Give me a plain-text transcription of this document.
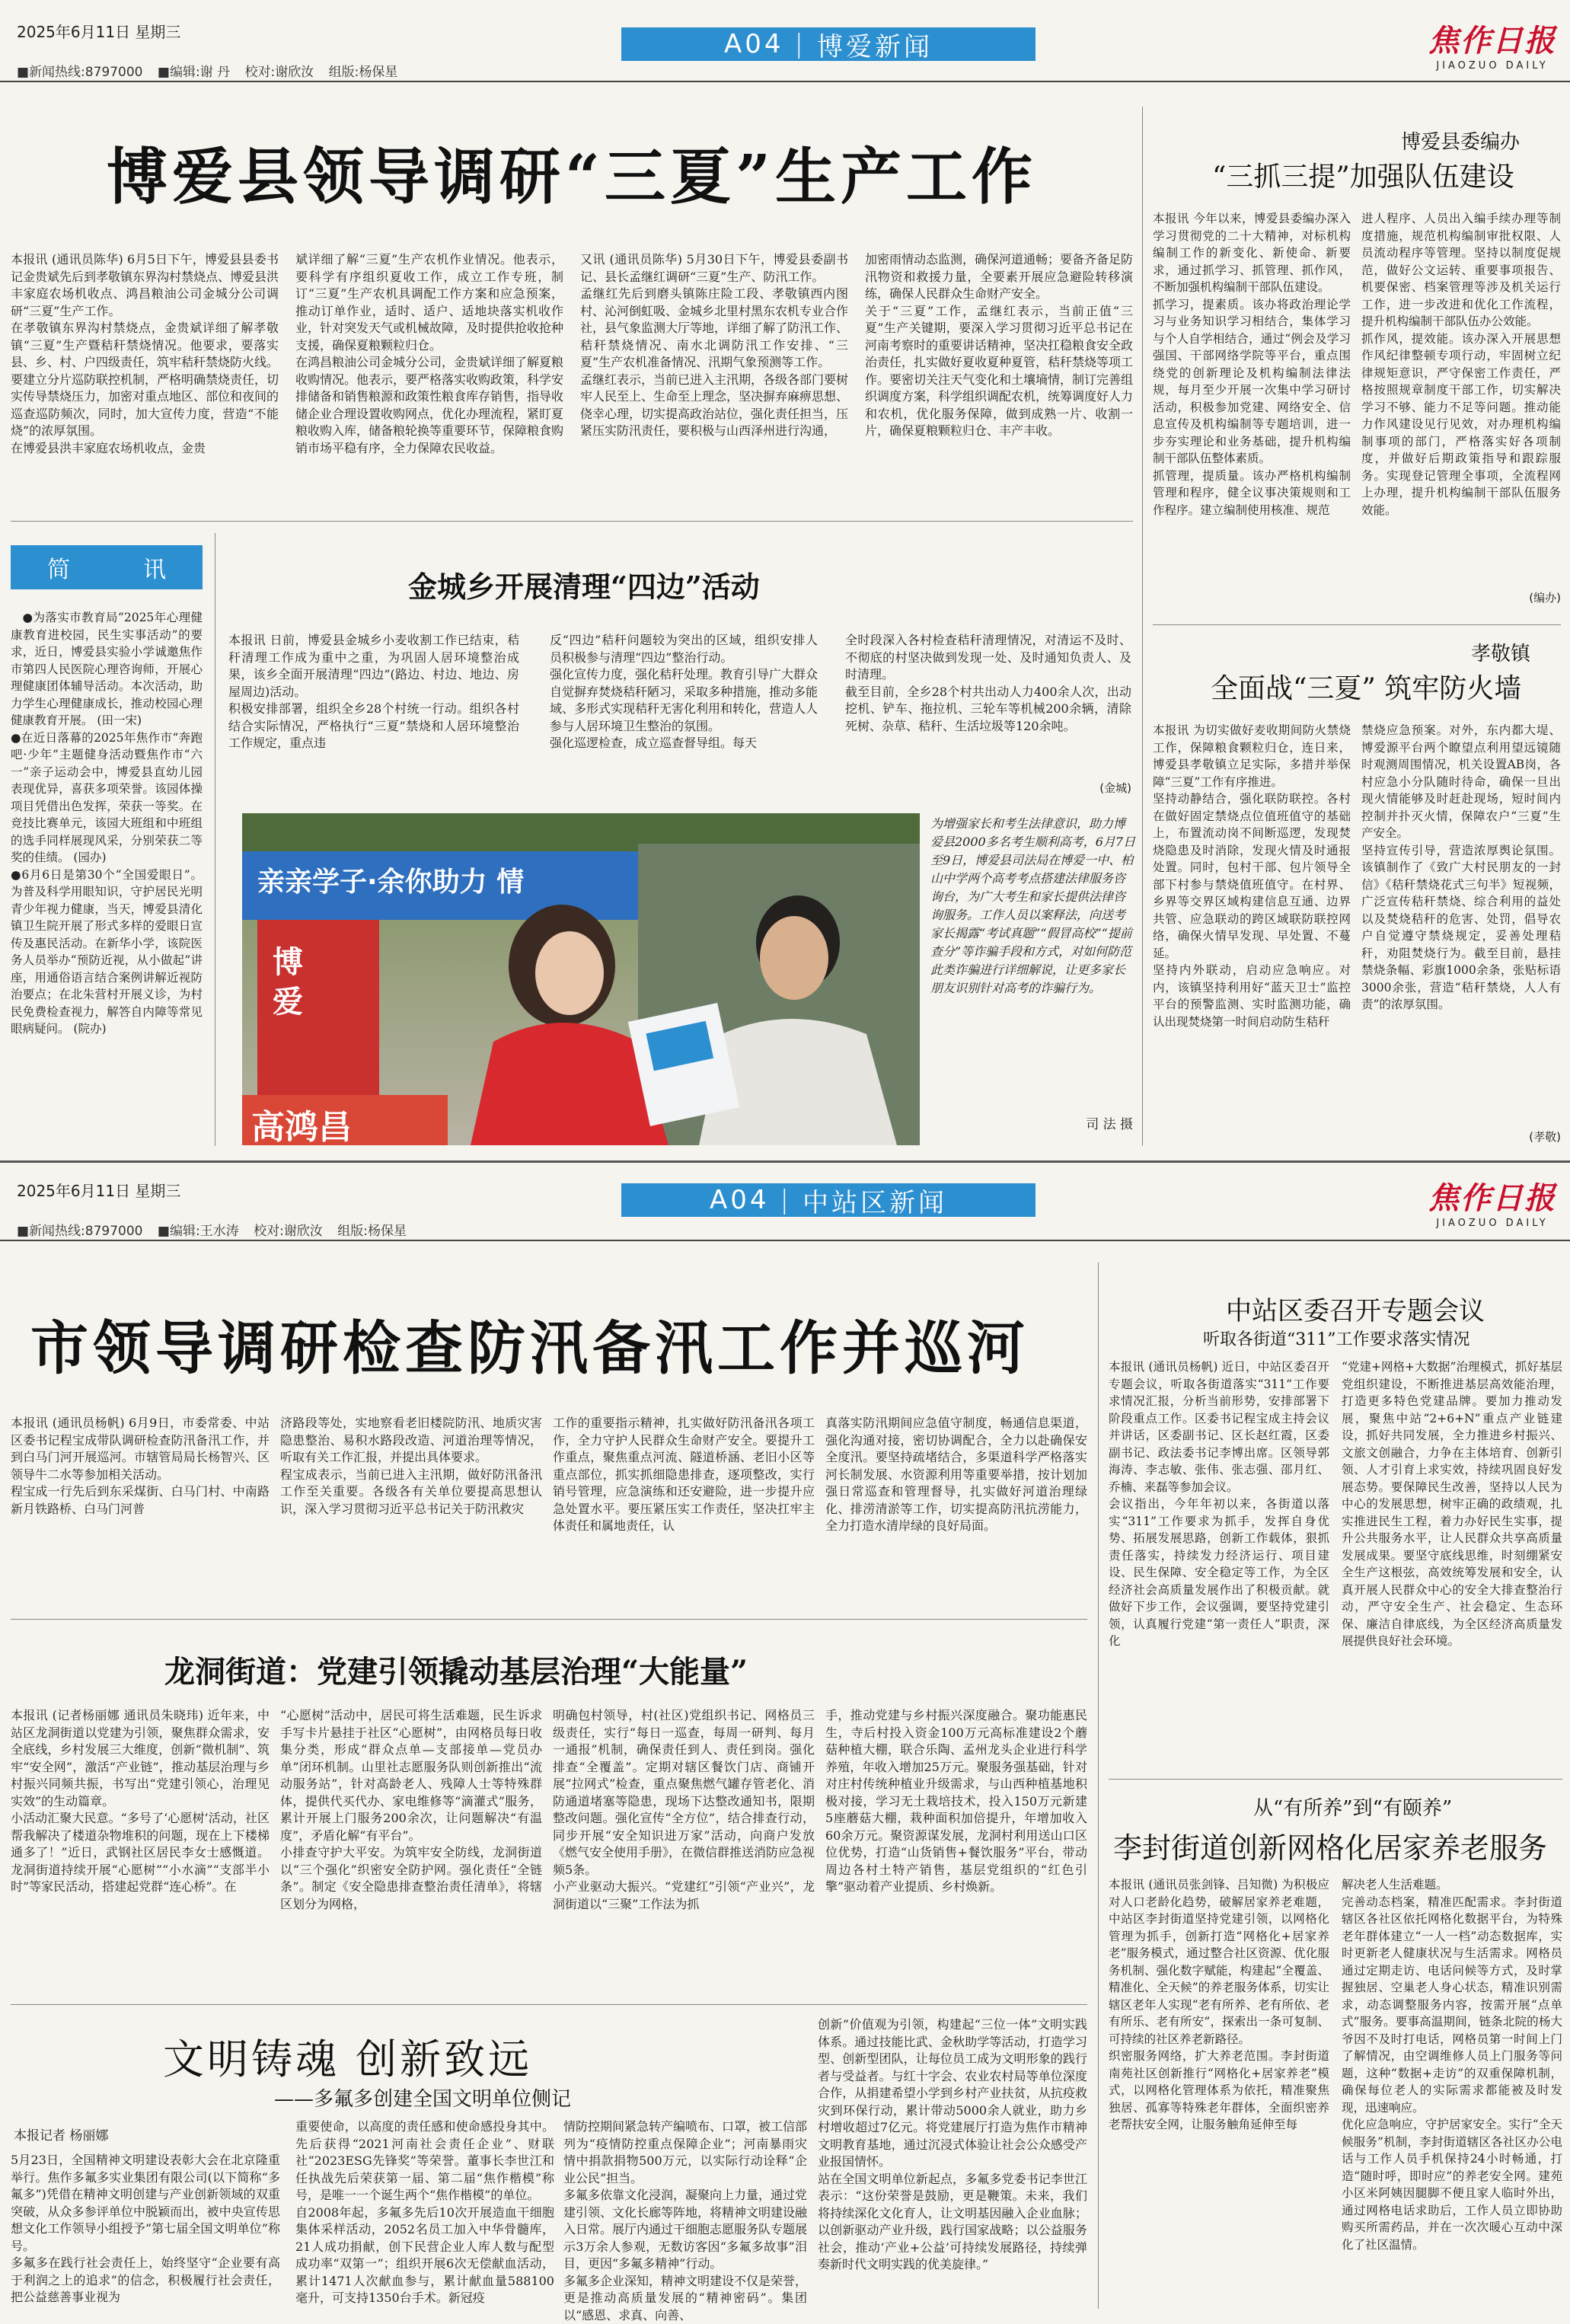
2025年6月11日 星期三	A04 | 博爱新闻
■新闻热线:8797000 ■编辑:谢 丹 校对:谢欣汝 组版:杨保星
焦作日报
JIAOZUO DAILY
博爱县领导调研“三夏”生产工作
本报讯 (通讯员陈华) 6月5日下午，博爱县县委书记金贵斌先后到孝敬镇东界沟村禁烧点、博爱县洪丰家庭农场机收点、鸿昌粮油公司金城分公司调研“三夏”生产工作。
在孝敬镇东界沟村禁烧点，金贵斌详细了解孝敬镇“三夏”生产暨秸秆禁烧情况。他要求，要落实县、乡、村、户四级责任，筑牢秸秆禁烧防火线。要建立分片巡防联控机制，严格明确禁烧责任，切实传导禁烧压力，加密对重点地区、部位和夜间的巡查巡防频次，同时，加大宣传力度，营造“不能烧”的浓厚氛围。
在博爱县洪丰家庭农场机收点，金贵
斌详细了解“三夏”生产农机作业情况。他表示，要科学有序组织夏收工作，成立工作专班，制订“三夏”生产农机具调配工作方案和应急预案，推动订单作业，适时、适户、适地块落实机收作业，针对突发天气或机械故障，及时提供抢收抢种支援，确保夏粮颗粒归仓。
在鸿昌粮油公司金城分公司，金贵斌详细了解夏粮收购情况。他表示，要严格落实收购政策，科学安排储备和销售粮源和政策性粮食库存销售，指导收储企业合理设置收购网点，优化办理流程，紧盯夏粮收购入库，储备粮轮换等重要环节，保障粮食购销市场平稳有序，全力保障农民收益。
又讯 (通讯员陈华) 5月30日下午，博爱县委副书记、县长孟继红调研“三夏”生产、防汛工作。
孟继红先后到磨头镇陈庄险工段、孝敬镇西内图村、沁河倒虹吸、金城乡北里村黑东农机专业合作社，县气象监测大厅等地，详细了解了防汛工作、秸秆禁烧情况、南水北调防汛工作安排、“三夏”生产农机准备情况、汛期气象预测等工作。
孟继红表示，当前已进入主汛期，各级各部门要树牢人民至上、生命至上理念，坚决摒弃麻痹思想、侥幸心理，切实提高政治站位，强化责任担当，压紧压实防汛责任，要积极与山西泽州进行沟通，
加密雨情动态监测，确保河道通畅；要备齐备足防汛物资和救援力量，全要素开展应急避险转移演练，确保人民群众生命财产安全。
关于“三夏”工作，孟继红表示，当前正值“三夏”生产关键期，要深入学习贯彻习近平总书记在河南考察时的重要讲话精神，坚决扛稳粮食安全政治责任，扎实做好夏收夏种夏管，秸秆禁烧等项工作。要密切关注天气变化和土壤墒情，制订完善组织调度方案，科学组织调配农机，统筹调度好人力和农机，优化服务保障，做到成熟一片、收割一片，确保夏粮颗粒归仓、丰产丰收。
简	讯
●为落实市教育局“2025年心理健康教育进校园，民生实事活动”的要求，近日，博爱县实验小学诚邀焦作市第四人民医院心理咨询师，开展心理健康团体辅导活动。本次活动，助力学生心理健康成长，推动校园心理健康教育开展。 (田一宋)
●在近日落幕的2025年焦作市“奔跑吧·少年”主题健身活动暨焦作市“六一”亲子运动会中，博爱县直幼儿园表现优异，喜获多项荣誉。该园体操项目凭借出色发挥，荣获一等奖。在竞技比赛单元，该园大班组和中班组的选手同样展现风采，分别荣获二等奖的佳绩。 (园办)
●6月6日是第30个“全国爱眼日”。为普及科学用眼知识，守护居民光明青少年视力健康，当天，博爱县清化镇卫生院开展了形式多样的爱眼日宣传及惠民活动。在新华小学，该院医务人员举办“预防近视，从小做起”讲座，用通俗语言结合案例讲解近视防治要点；在北朱营村开展义诊，为村民免费检查视力，解答自内障等常见眼病疑问。 (院办)
金城乡开展清理“四边”活动
本报讯 日前，博爱县金城乡小麦收割工作已结束，秸秆清理工作成为重中之重，为巩固人居环境整治成果，该乡全面开展清理“四边”(路边、村边、地边、房屋周边)活动。
积极安排部署，组织全乡28个村统一行动。组织各村结合实际情况，严格执行“三夏”禁烧和人居环境整治工作规定，重点违
反“四边”秸秆问题较为突出的区域，组织安排人员积极参与清理“四边”整治行动。
强化宣传力度，强化秸秆处理。教育引导广大群众自觉摒弃焚烧秸秆陋习，采取多种措施，推动多能域、多形式实现秸秆无害化利用和转化，营造人人参与人居环境卫生整治的氛围。
强化巡逻检查，成立巡查督导组。每天
全时段深入各村检查秸秆清理情况，对清运不及时、不彻底的村坚决做到发现一处、及时通知负责人、及时清理。
截至目前，全乡28个村共出动人力400余人次，出动挖机、铲车、拖拉机、三轮车等机械200余辆，清除死树、杂草、秸秆、生活垃圾等120余吨。
(金城)
亲亲学子·余你助力 情
博爱
高鸿昌
为增强家长和考生法律意识，助力博爱县2000多名考生顺利高考，6月7日至9日，博爱县司法局在博爱一中、柏山中学两个高考考点搭建法律服务咨询台，为广大考生和家长提供法律咨询服务。工作人员以案释法，向送考家长揭露“考试真题”“假冒高校”“提前查分”等诈骗手段和方式，对如何防范此类诈骗进行详细解说，让更多家长朋友识别针对高考的诈骗行为。
司 法 摄
博爱县委编办
“三抓三提”加强队伍建设
本报讯 今年以来，博爱县委编办深入学习贯彻党的二十大精神，对标机构编制工作的新变化、新使命、新要求，通过抓学习、抓管理、抓作风，不断加强机构编制干部队伍建设。
抓学习，提素质。该办将政治理论学习与业务知识学习相结合，集体学习与个人自学相结合，通过“例会及学习强国、干部网络学院等平台，重点围绕党的创新理论及机构编制法律法规，每月至少开展一次集中学习研讨活动，积极参加党建、网络安全、信息宣传及机构编制等专题培训，进一步夯实理论和业务基础，提升机构编制干部队伍整体素质。
抓管理，提质量。该办严格机构编制管理和程序，健全议事决策规则和工作程序。建立编制使用核准、规范
进人程序、人员出入编手续办理等制度措施，规范机构编制审批权限、人员流动程序等管理。坚持以制度促规范，做好公文运转、重要事项报告、机要保密、档案管理等涉及机关运行工作，进一步改进和优化工作流程，提升机构编制干部队伍办公效能。
抓作风，提效能。该办深入开展思想作风纪律整顿专项行动，牢固树立纪律规矩意识，严守保密工作责任，严格按照规章制度干部工作，切实解决学习不够、能力不足等问题。推动能力作风建设见行见效，对办理机构编制事项的部门，严格落实好各项制度，并做好后期政策指导和跟踪服务。实现登记管理全事项，全流程网上办理，提升机构编制干部队伍服务效能。
(编办)
孝敬镇
全面战“三夏” 筑牢防火墙
本报讯 为切实做好麦收期间防火禁烧工作，保障粮食颗粒归仓，连日来，博爱县孝敬镇立足实际，多措并举保障“三夏”工作有序推进。
坚持动静结合，强化联防联控。各村在做好固定禁烧点位值班值守的基础上，布置流动岗不间断巡逻，发现焚烧隐患及时消除，发现火情及时通报处置。同时，包村干部、包片领导全部下村参与禁烧值班值守。在村界、乡界等交界区域构建信息互通、边界共管、应急联动的跨区域联防联控网络，确保火情早发现、早处置、不蔓延。
坚持内外联动，启动应急响应。对内，该镇坚持利用好“蓝天卫士”监控平台的预警监测、实时监测功能，确认出现焚烧第一时间启动防生秸秆
禁烧应急预案。对外，东内都大堤、博爱源平台两个瞭望点利用望远镜随时观测周围情况，机关设置AB岗，各村应急小分队随时待命，确保一旦出现火情能够及时赶赴现场，短时间内控制并扑灭火情，保障农户“三夏”生产安全。
坚持宣传引导，营造浓厚舆论氛围。该镇制作了《致广大村民朋友的一封信》《秸秆禁烧花式三句半》短视频，广泛宣传秸秆禁烧、综合利用的益处以及焚烧秸秆的危害、处罚，倡导农户自觉遵守禁烧规定，妥善处理秸秆，劝阻焚烧行为。截至目前，悬挂禁烧条幅、彩旗1000余条，张贴标语3000余张，营造“秸秆禁烧，人人有责”的浓厚氛围。
(孝敬)
2025年6月11日 星期三	A04 | 中站区新闻
■新闻热线:8797000 ■编辑:王水涛 校对:谢欣汝 组版:杨保星
焦作日报
JIAOZUO DAILY
市领导调研检查防汛备汛工作并巡河
本报讯 (通讯员杨帆) 6月9日，市委常委、中站区委书记程宝成带队调研检查防汛备汛工作，并到白马门河开展巡河。市辖管局局长杨智兴、区领导牛二水等参加相关活动。
程宝成一行先后到东采煤街、白马门村、中南路新月铁路桥、白马门河普
济路段等处，实地察看老旧楼院防汛、地质灾害隐患整治、易积水路段改造、河道治理等情况，听取有关工作汇报，并提出具体要求。
程宝成表示，当前已进入主汛期，做好防汛备汛工作至关重要。各级各有关单位要提高思想认识，深入学习贯彻习近平总书记关于防汛救灾
工作的重要指示精神，扎实做好防汛备汛各项工作，全力守护人民群众生命财产安全。要提升工作重点，聚焦重点河流、隧道桥涵、老旧小区等重点部位，抓实抓细隐患排查，逐项整改，实行销号管理，应急演练和还安避险，进一步提升应急处置水平。要压紧压实工作责任，坚决扛牢主体责任和属地责任，认
真落实防汛期间应急值守制度，畅通信息渠道，强化沟通对接，密切协调配合，全力以赴确保安全度汛。要坚持疏堵结合，多渠道科学严格落实河长制发展、水资源利用等重要举措，按计划加强日常巡查和管理督导，扎实做好河道治理绿化、排涝清淤等工作，切实提高防汛抗涝能力，全力打造水清岸绿的良好局面。
龙洞街道：党建引领撬动基层治理“大能量”
本报讯 (记者杨丽娜 通讯员朱晓玮) 近年来，中站区龙洞街道以党建为引领，聚焦群众需求，安全底线，乡村发展三大维度，创新“微机制”、筑牢“安全网”，激活“产业链”，推动基层治理与乡村振兴同频共振，书写出“党建引领心，治理见实效”的生动篇章。
小活动汇聚大民意。“多号了‘心愿树’活动，社区帮我解决了楼道杂物堆积的问题，现在上下楼梯通多了！”近日，武钢社区居民李女士感慨道。龙洞街道持续开展“心愿树”“小水滴”“支部半小时”等家民活动，搭建起党群“连心桥”。在
“心愿树”活动中，居民可将生活难题，民生诉求手写卡片悬挂于社区“心愿树”，由网格员每日收集分类，形成“群众点单—支部接单—党员办单”闭环机制。山里社志愿服务队则创新推出“流动服务站”，针对高龄老人、残障人士等特殊群体，提供代买代办、家电维修等“滴灌式”服务，累计开展上门服务200余次，让问题解决“有温度”，矛盾化解“有平台”。
小排查守护大平安。为筑牢安全防线，龙洞街道以“三个强化”织密安全防护网。强化责任“全链条”。制定《安全隐患排查整治责任清单》，将辖区划分为网格，
明确包村领导，村(社区)党组织书记、网格员三级责任，实行“每日一巡查，每周一研判、每月一通报”机制，确保责任到人、责任到岗。强化排查“全覆盖”。定期对辖区餐饮门店、商铺开展“拉网式”检查，重点聚焦燃气罐存管老化、消防通道堵塞等隐患，现场下达整改通知书，限期整改问题。强化宣传“全方位”，结合排查行动，同步开展“安全知识进万家”活动，向商户发放《燃气安全使用手册》，在微信群推送消防应急视频5条。
小产业驱动大振兴。“党建红”引领“产业兴”，龙洞街道以“三聚”工作法为抓
手，推动党建与乡村振兴深度融合。聚功能惠民生，寺后村投入资金100万元高标准建设2个蘑菇种植大棚，联合乐陶、孟州龙头企业进行科学养殖，年收入增加25万元。聚服务强基础，针对对庄村传统种植业升级需求，与山西种植基地积极对接，学习无土栽培技术，投入150万元新建5座蘑菇大棚，栽种面积加倍提升，年增加收入60余万元。聚资源谋发展，龙洞村利用送山口区位优势，打造“山货销售+餐饮服务”平台，带动周边各村土特产销售，基层党组织的“红色引擎”驱动着产业提质、乡村焕新。
文明铸魂 创新致远
——多氟多创建全国文明单位侧记
本报记者 杨丽娜
5月23日，全国精神文明建设表彰大会在北京隆重举行。焦作多氟多实业集团有限公司(以下简称“多氟多”)凭借在精神文明创建与产业创新领域的双重突破，从众多参评单位中脱颖而出，被中央宣传思想文化工作领导小组授予“第七届全国文明单位”称号。
多氟多在践行社会责任上，始终坚守“企业要有高于利润之上的追求”的信念，积极履行社会责任，把公益慈善事业视为
重要使命，以高度的责任感和使命感投身其中。先后获得“2021河南社会责任企业”、财联社“2023ESG先锋奖”等荣誉。董事长李世江和任执战先后荣获第一届、第二届“焦作楷模”称号，是唯一一个诞生两个“焦作楷模”的单位。
自2008年起，多氟多先后10次开展造血干细胞集体采样活动，2052名员工加入中华骨髓库，21人成功捐献，创下民营企业人库人数与配型成功率“双第一”；组织开展6次无偿献血活动，累计1471人次献血参与，累计献血量588100毫升，可支持1350台手术。新冠疫
情防控期间紧急转产编喷布、口罩，被工信部列为“疫情防控重点保障企业”；河南暴雨灾情中捐款捐物500万元，以实际行动诠释“企业公民”担当。
多氟多依靠文化浸润，凝聚向上力量，通过党建引领、文化长廊等阵地，将精神文明建设融入日常。展厅内通过干细胞志愿服务队专题展示3万余人参观，无数访客因“多氟多故事”泪目，更因“多氟多精神”行动。
多氟多企业深知，精神文明建设不仅是荣誉，更是推动高质量发展的“精神密码”。集团以“感恩、求真、向善、
创新”价值观为引领，构建起“三位一体”文明实践体系。通过技能比武、金秋助学等活动，打造学习型、创新型团队，让每位员工成为文明形象的践行者与受益者。与红十字会、农业农村局等单位深度合作，从捐建希望小学到乡村产业扶贫，从抗疫救灾到环保行动，累计带动5000余人就业，助力乡村增收超过7亿元。将党建展厅打造为焦作市精神文明教育基地，通过沉浸式体验让社会公众感受产业报国情怀。
站在全国文明单位新起点，多氟多党委书记李世江表示：“这份荣誉是鼓励，更是鞭策。未来，我们将持续深化文化育人，让文明基因融入企业血脉；以创新驱动产业升级，践行国家战略；以公益服务社会，推动‘产业+公益’可持续发展路径，持续弹奏新时代文明实践的优美旋律。”
中站区委召开专题会议
听取各街道“311”工作要求落实情况
本报讯 (通讯员杨帆) 近日，中站区委召开专题会议，听取各街道落实“311”工作要求情况汇报，分析当前形势，安排部署下阶段重点工作。区委书记程宝成主持会议并讲话，区委副书记、区长赵红霞，区委副书记、政法委书记李博出席。区领导郭海涛、李志敏、张伟、张志强、邵月红、乔楠、来磊等参加会议。
会议指出，今年年初以来，各街道以落实“311”工作要求为抓手，发挥自身优势、拓展发展思路，创新工作载体，狠抓责任落实，持续发力经济运行、项目建设、民生保障、安全稳定等工作，为全区经济社会高质量发展作出了积极贡献。就做好下步工作，会议强调，要坚持党建引领，认真履行党建“第一责任人”职责，深化
“党建+网格+大数据”治理模式，抓好基层党组织建设，不断推进基层高效能治理，打造更多特色党建品牌。要加力推动发展，聚焦中站“2+6+N”重点产业链建设，抓好共同发展，全力推进乡村振兴、文旅文创融合，力争在主体培育、创新引领、人才引育上求实效，持续巩固良好发展态势。要保障民生改善，坚持以人民为中心的发展思想，树牢正确的政绩观，扎实推进民生工程，着力办好民生实事，提升公共服务水平，让人民群众共享高质量发展成果。要坚守底线思维，时刻绷紧安全生产这根弦，高效统筹发展和安全，认真开展人民群众中心的安全大排查整治行动，严守安全生产、社会稳定、生态环保、廉洁自律底线，为全区经济高质量发展提供良好社会环境。
从“有所养”到“有颐养”
李封街道创新网格化居家养老服务
本报讯 (通讯员张剑锋、吕知微) 为积极应对人口老龄化趋势，破解居家养老难题，中站区李封街道坚持党建引领，以网格化管理为抓手，创新打造“网格化+居家养老”服务模式，通过整合社区资源、优化服务机制、强化数字赋能，构建起“全覆盖、精准化、全天候”的养老服务体系，切实让辖区老年人实现“老有所养、老有所依、老有所乐、老有所安”，探索出一条可复制、可持续的社区养老新路径。
织密服务网络，扩大养老范围。李封街道南苑社区创新推行“网格化+居家养老”模式，以网格化管理体系为依托，精准聚焦独居、孤寡等特殊老年群体，全面织密养老帮扶安全网，让服务触角延伸至每
解决老人生活难题。
完善动态档案，精准匹配需求。李封街道辖区各社区依托网格化数据平台，为特殊老年群体建立“一人一档”动态数据库，实时更新老人健康状况与生活需求。网格员通过定期走访、电话问候等方式，及时掌握独居、空巢老人身心状态，精准识别需求，动态调整服务内容，按需开展“点单式”服务。要事高温期间，链条北院的杨大爷因不及时打电话，网格员第一时间上门了解情况，由空调维修人员上门服务等问题，这种“数据+走访”的双重保障机制，确保每位老人的实际需求都能被及时发现，迅速响应。
优化应急响应，守护居家安全。实行“全天候服务”机制，李封街道辖区各社区办公电话与工作人员手机保持24小时畅通，打造“随时呼，即时应”的养老安全网。建苑小区米阿姨因腿脚不便且家人临时外出，通过网格电话求助后，工作人员立即协助购买所需药品，并在一次次暖心互动中深化了社区温情。
